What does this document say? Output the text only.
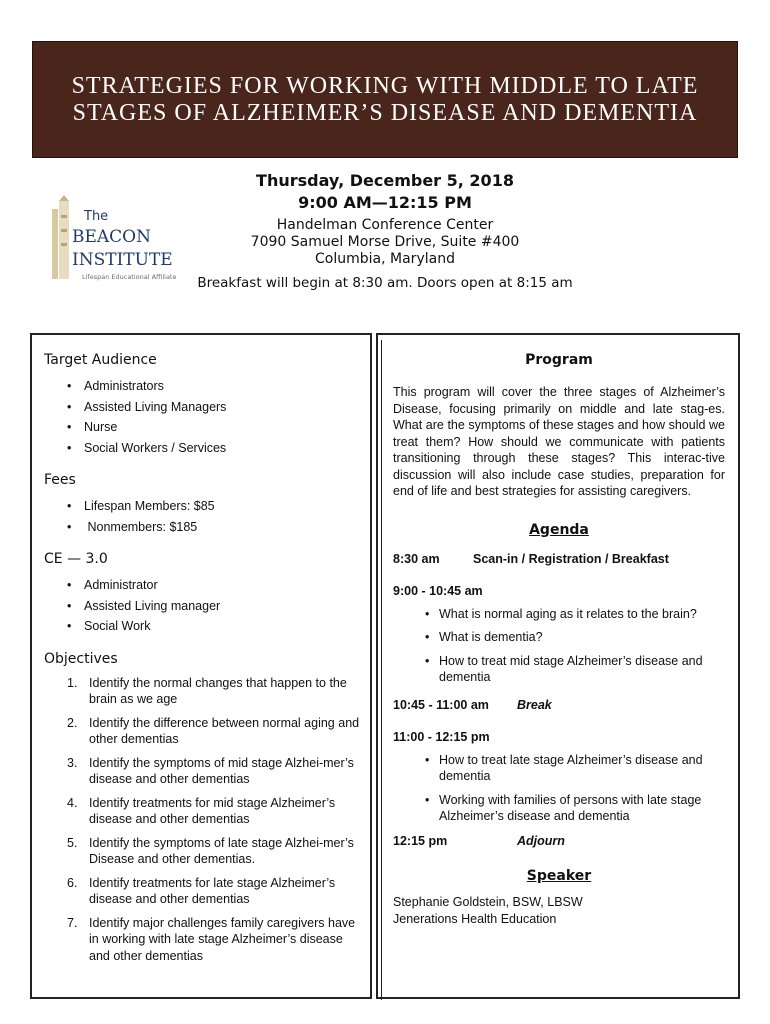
STRATEGIES FOR WORKING WITH MIDDLE TO LATE STAGES OF ALZHEIMER’S DISEASE AND DEMENTIA
The
BEACON
INSTITUTE
Lifespan Educational Affiliate
Thursday, December 5, 2018
9:00 AM—12:15 PM
Handelman Conference Center
7090 Samuel Morse Drive, Suite #400
Columbia, Maryland
Breakfast will begin at 8:30 am. Doors open at 8:15 am
Target Audience
• Administrators
• Assisted Living Managers
• Nurse
• Social Workers / Services
Fees
• Lifespan Members: $85
•  Nonmembers: $185
CE — 3.0
• Administrator
• Assisted Living manager
• Social Work
Objectives
1. Identify the normal changes that happen to the brain as we age
2. Identify the difference between normal aging and other dementias
3. Identify the symptoms of mid stage Alzhei-mer’s disease and other dementias
4. Identify treatments for mid stage Alzheimer’s disease and other dementias
5. Identify the symptoms of late stage Alzhei-mer’s Disease and other dementias.
6. Identify treatments for late stage Alzheimer’s disease and other dementias
7. Identify major challenges family caregivers have in working with late stage Alzheimer’s disease and other dementias
Program

This program will cover the three stages of Alzheimer’s Disease, focusing primarily on middle and late stag-es. What are the symptoms of these stages and how should we treat them? How should we communicate with patients transitioning through these stages? This interac-tive discussion will also include case studies, preparation for end of life and best strategies for assisting caregivers.

Agenda
8:30 am	Scan-in / Registration / Breakfast
9:00 - 10:45 am
• What is normal aging as it relates to the brain?
• What is dementia?
• How to treat mid stage Alzheimer’s disease and dementia
10:45 - 11:00 am	Break
11:00 - 12:15 pm
• How to treat late stage Alzheimer’s disease and dementia
• Working with families of persons with late stage Alzheimer’s disease and dementia
12:15 pm	Adjourn
Speaker
Stephanie Goldstein, BSW, LBSW
Jenerations Health Education
